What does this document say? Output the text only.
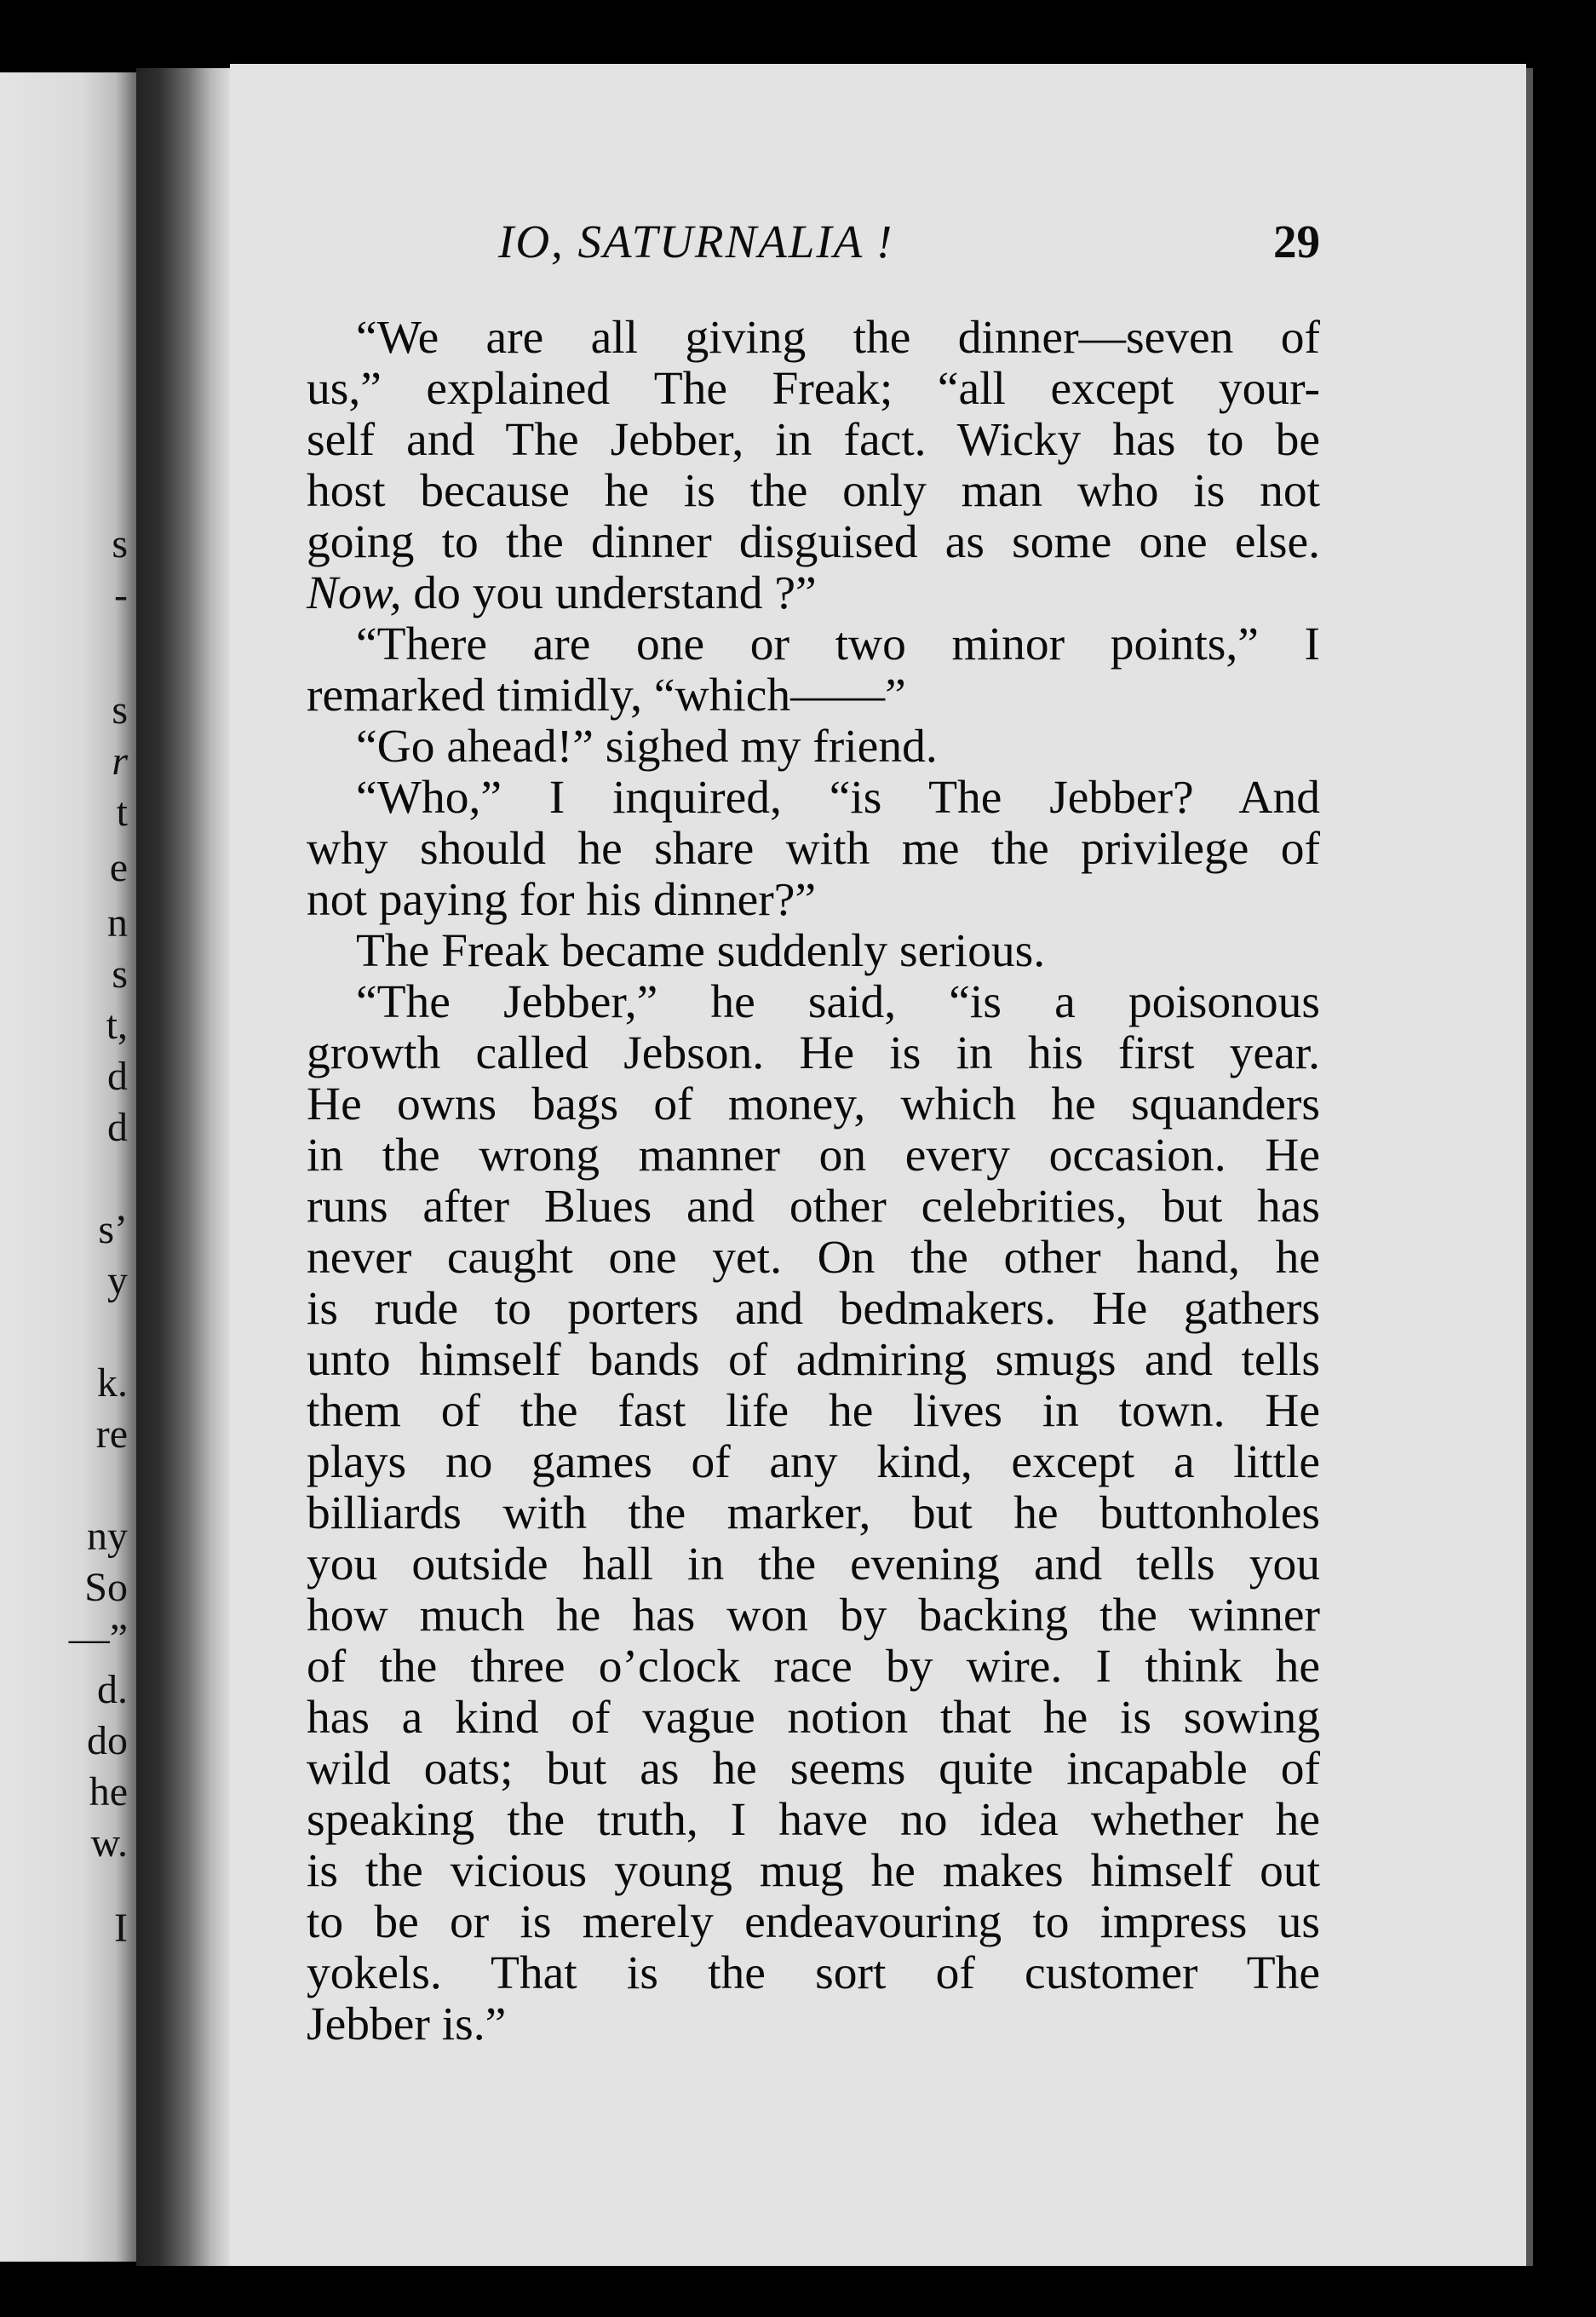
s
-
s
r
t
e
n
s
t,
d
d
s’
y
k.
re
ny
So
—”
d.
do
he
w.
I
IO, SATURNALIA !	29
“We are all giving the dinner—seven of
us,” explained The Freak; “all except your-
self and The Jebber, in fact. Wicky has to be
host because he is the only man who is not
going to the dinner disguised as some one else.
Now, do you understand ?”
“There are one or two minor points,” I
remarked timidly, “which——”
“Go ahead!” sighed my friend.
“Who,” I inquired, “is The Jebber? And
why should he share with me the privilege of
not paying for his dinner?”
The Freak became suddenly serious.
“The Jebber,” he said, “is a poisonous
growth called Jebson. He is in his first year.
He owns bags of money, which he squanders
in the wrong manner on every occasion. He
runs after Blues and other celebrities, but has
never caught one yet. On the other hand, he
is rude to porters and bedmakers. He gathers
unto himself bands of admiring smugs and tells
them of the fast life he lives in town. He
plays no games of any kind, except a little
billiards with the marker, but he buttonholes
you outside hall in the evening and tells you
how much he has won by backing the winner
of the three o’clock race by wire. I think he
has a kind of vague notion that he is sowing
wild oats; but as he seems quite incapable of
speaking the truth, I have no idea whether he
is the vicious young mug he makes himself out
to be or is merely endeavouring to impress us
yokels. That is the sort of customer The
Jebber is.”
